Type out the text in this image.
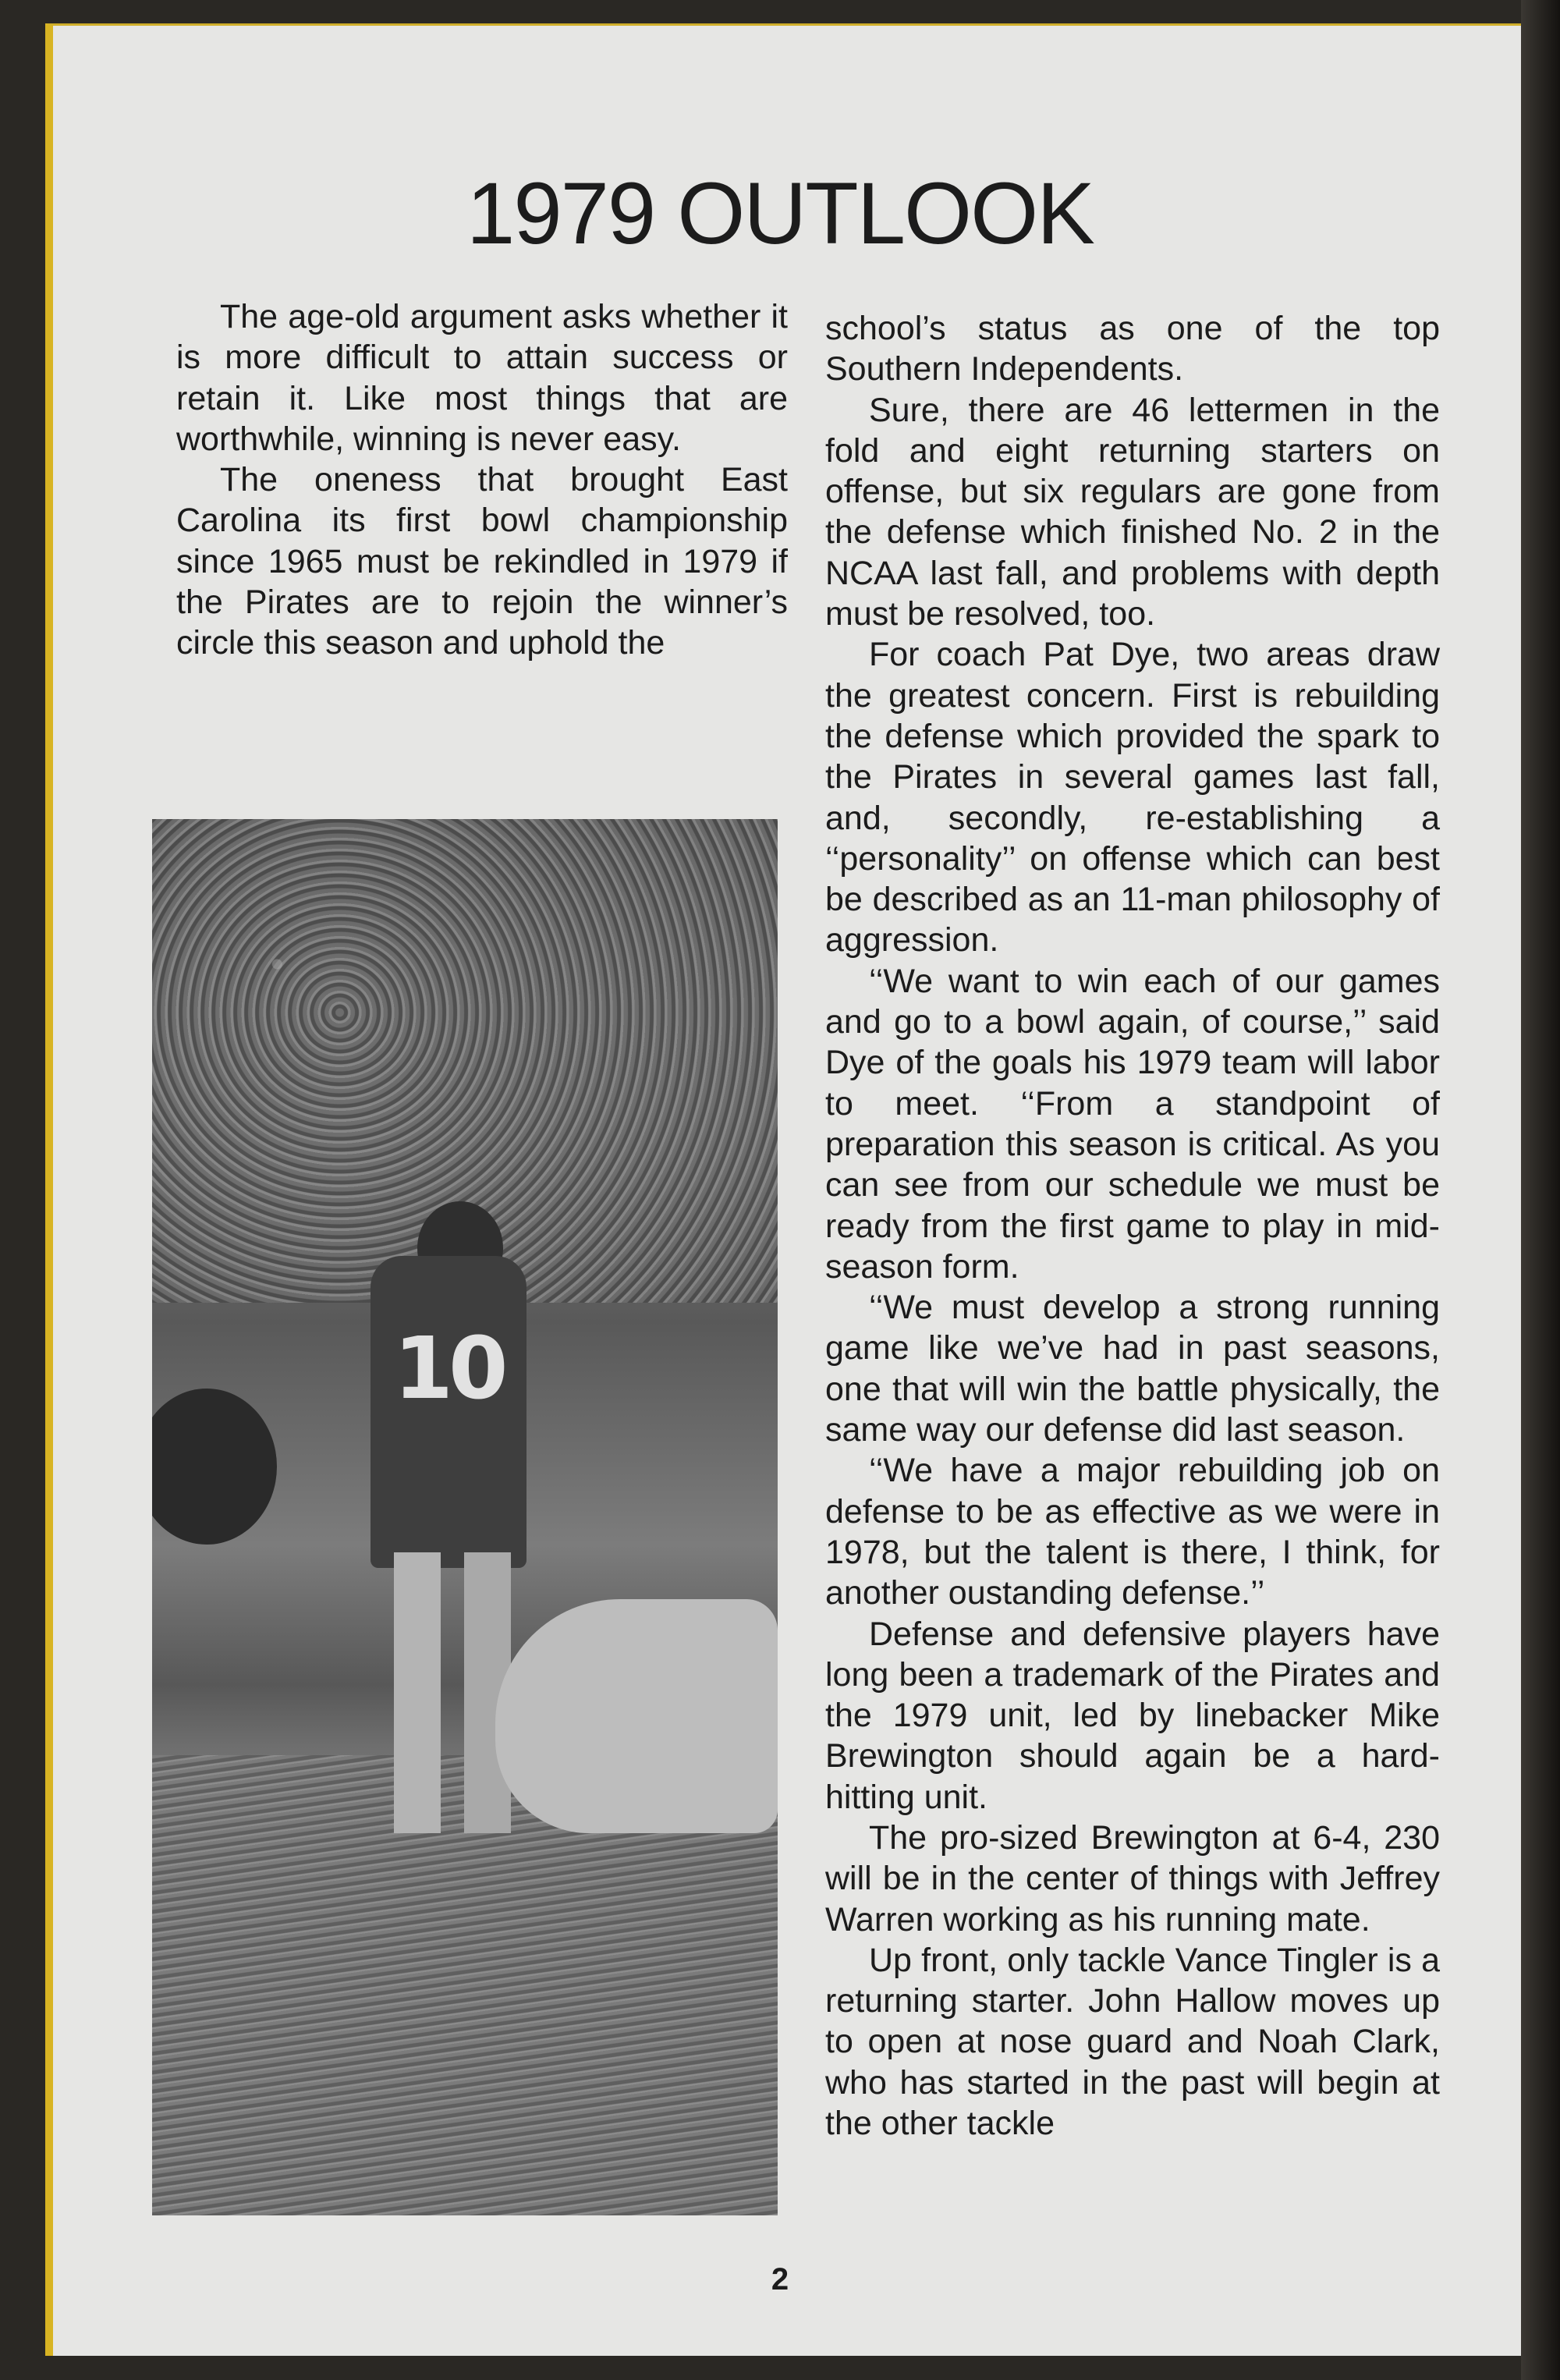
1979 OUTLOOK

The age-old argument asks whether it is more difficult to attain success or retain it. Like most things that are worthwhile, winning is never easy.

The oneness that brought East Carolina its first bowl championship since 1965 must be rekindled in 1979 if the Pirates are to rejoin the winner’s circle this season and uphold the

10

school’s status as one of the top Southern Independents.

Sure, there are 46 lettermen in the fold and eight returning starters on offense, but six regulars are gone from the defense which finished No. 2 in the NCAA last fall, and problems with depth must be resolved, too.

For coach Pat Dye, two areas draw the greatest concern. First is rebuilding the defense which provided the spark to the Pirates in several games last fall, and, secondly, re-establishing a ‘‘personality’’ on offense which can best be described as an 11-man philosophy of aggression.

‘‘We want to win each of our games and go to a bowl again, of course,’’ said Dye of the goals his 1979 team will labor to meet. ‘‘From a standpoint of preparation this season is critical. As you can see from our schedule we must be ready from the first game to play in mid-season form.

‘‘We must develop a strong running game like we’ve had in past seasons, one that will win the battle physically, the same way our defense did last season.

‘‘We have a major rebuilding job on defense to be as effective as we were in 1978, but the talent is there, I think, for another oustanding defense.’’

Defense and defensive players have long been a trademark of the Pirates and the 1979 unit, led by linebacker Mike Brewington should again be a hard-hitting unit.

The pro-sized Brewington at 6-4, 230 will be in the center of things with Jeffrey Warren working as his running mate.

Up front, only tackle Vance Tingler is a returning starter. John Hallow moves up to open at nose guard and Noah Clark, who has started in the past will begin at the other tackle

2
